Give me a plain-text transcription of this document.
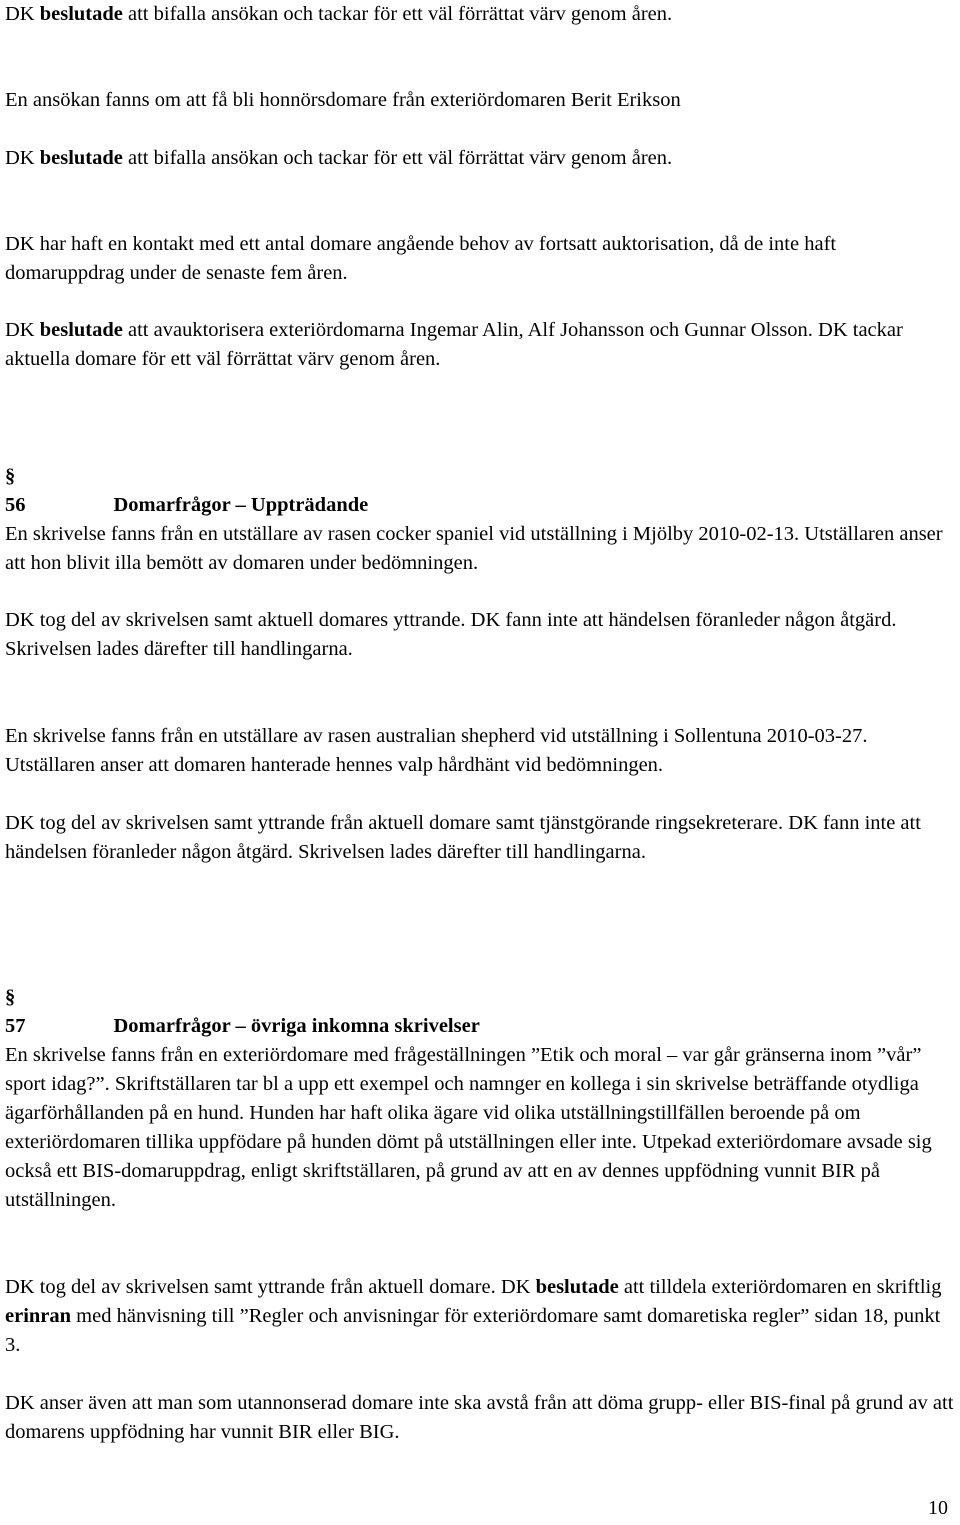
DK beslutade att bifalla ansökan och tackar för ett väl förrättat värv genom åren.

En ansökan fanns om att få bli honnörsdomare från exteriördomaren Berit Erikson

DK beslutade att bifalla ansökan och tackar för ett väl förrättat värv genom åren.

DK har haft en kontakt med ett antal domare angående behov av fortsatt auktorisation, då de inte haft domaruppdrag under de senaste fem åren.

DK beslutade att avauktorisera exteriördomarna Ingemar Alin, Alf Johansson och Gunnar Olsson. DK tackar aktuella domare för ett väl förrättat värv genom åren.

§
56	Domarfrågor – Uppträdande

En skrivelse fanns från en utställare av rasen cocker spaniel vid utställning i Mjölby 2010-02-13. Utställaren anser att hon blivit illa bemött av domaren under bedömningen.

DK tog del av skrivelsen samt aktuell domares yttrande. DK fann inte att händelsen föranleder någon åtgärd. Skrivelsen lades därefter till handlingarna.

En skrivelse fanns från en utställare av rasen australian shepherd vid utställning i Sollentuna 2010-03-27. Utställaren anser att domaren hanterade hennes valp hårdhänt vid bedömningen.

DK tog del av skrivelsen samt yttrande från aktuell domare samt tjänstgörande ringsekreterare. DK fann inte att händelsen föranleder någon åtgärd. Skrivelsen lades därefter till handlingarna.

§
57	Domarfrågor – övriga inkomna skrivelser

En skrivelse fanns från en exteriördomare med frågeställningen ”Etik och moral – var går gränserna inom ”vår” sport idag?”. Skriftställaren tar bl a upp ett exempel och namnger en kollega i sin skrivelse beträffande otydliga ägarförhållanden på en hund. Hunden har haft olika ägare vid olika utställningstillfällen beroende på om exteriördomaren tillika uppfödare på hunden dömt på utställningen eller inte. Utpekad exteriördomare avsade sig också ett BIS-domaruppdrag, enligt skriftställaren, på grund av att en av dennes uppfödning vunnit BIR på utställningen.

DK tog del av skrivelsen samt yttrande från aktuell domare. DK beslutade att tilldela exteriördomaren en skriftlig erinran med hänvisning till ”Regler och anvisningar för exteriördomare samt domaretiska regler” sidan 18, punkt 3.

DK anser även att man som utannonserad domare inte ska avstå från att döma grupp- eller BIS-final på grund av att domarens uppfödning har vunnit BIR eller BIG.

10
